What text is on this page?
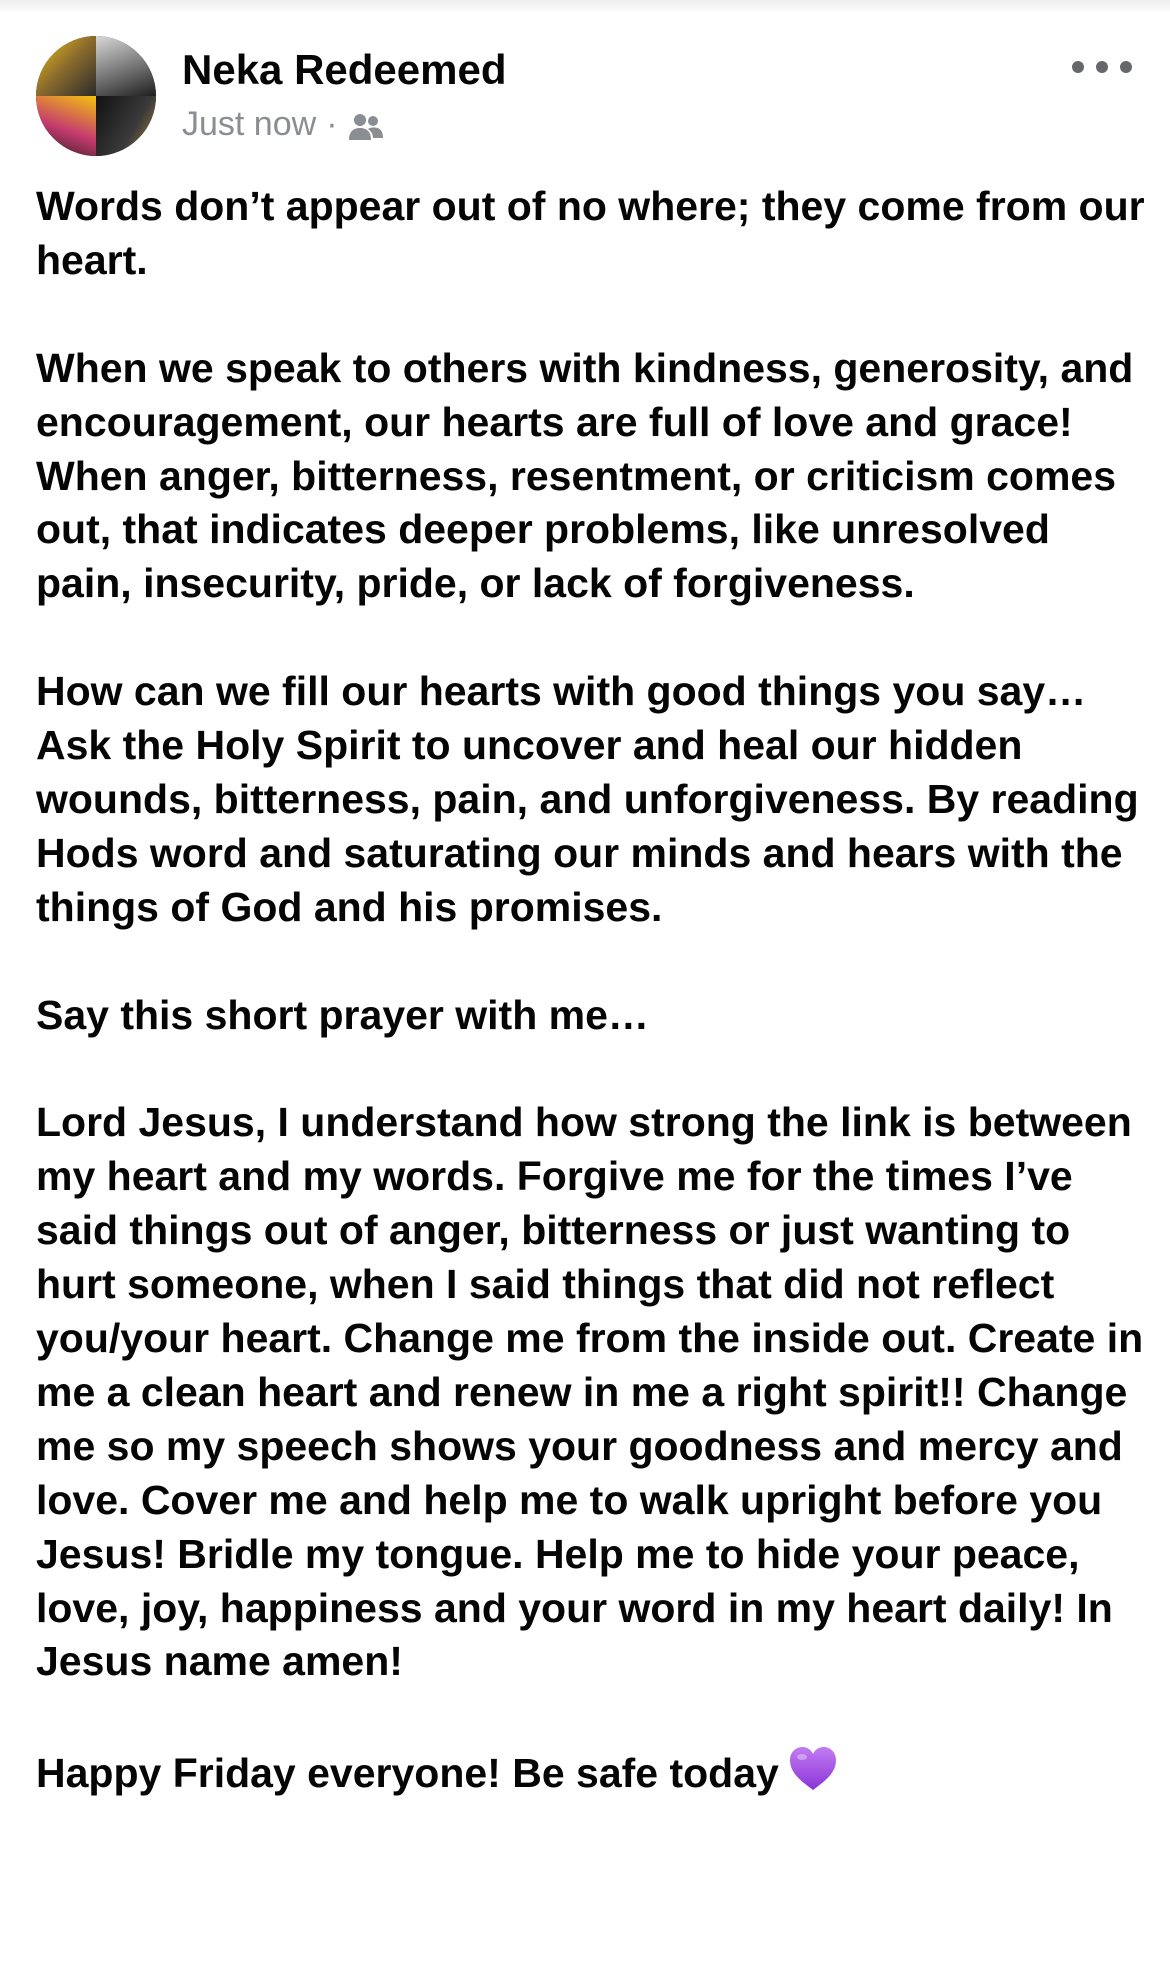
Neka Redeemed
Just now ·

Words don’t appear out of no where; they come from our heart.

When we speak to others with kindness, generosity, and encouragement, our hearts are full of love and grace! When anger, bitterness, resentment, or criticism comes out, that indicates deeper problems, like unresolved pain, insecurity, pride, or lack of forgiveness.

How can we fill our hearts with good things you say… Ask the Holy Spirit to uncover and heal our hidden wounds, bitterness, pain, and unforgiveness. By reading Hods word and saturating our minds and hears with the things of God and his promises.

Say this short prayer with me…

Lord Jesus, I understand how strong the link is between my heart and my words. Forgive me for the times I’ve said things out of anger, bitterness or just wanting to hurt someone, when I said things that did not reflect you/your heart. Change me from the inside out. Create in me a clean heart and renew in me a right spirit!! Change me so my speech shows your goodness and mercy and love. Cover me and help me to walk upright before you Jesus! Bridle my tongue. Help me to hide your peace, love, joy, happiness and your word in my heart daily! In Jesus name amen!

Happy Friday everyone! Be safe today
